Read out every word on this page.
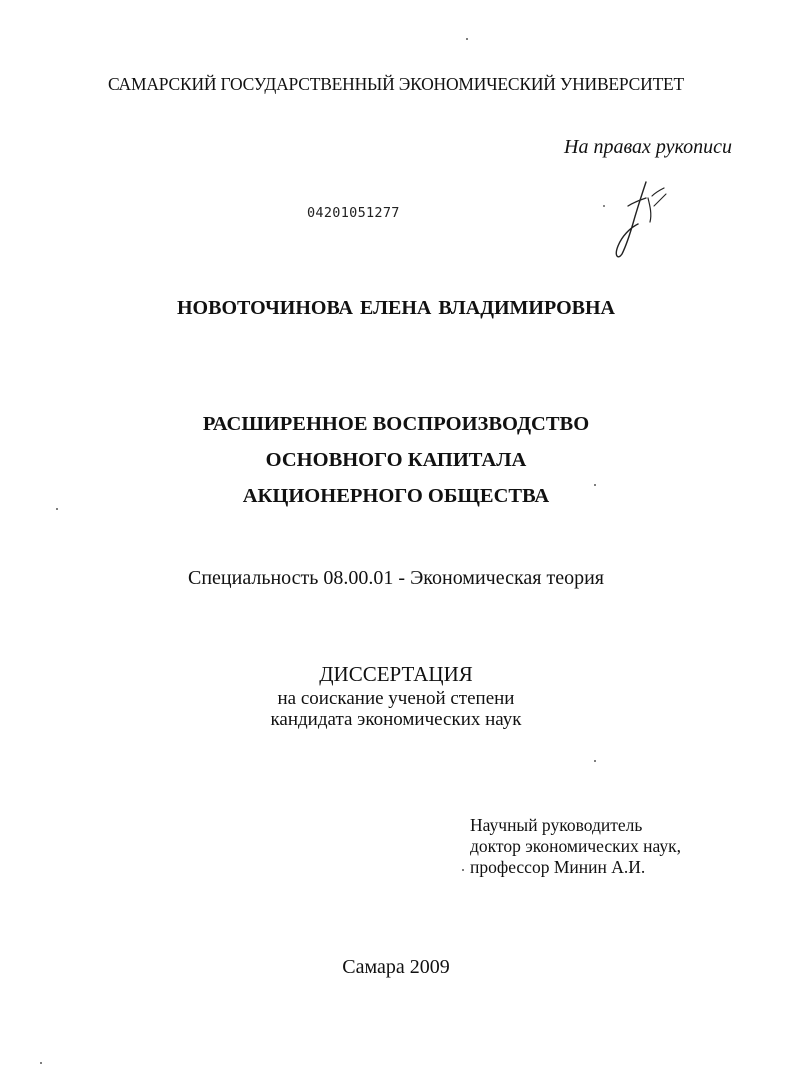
САМАРСКИЙ ГОСУДАРСТВЕННЫЙ ЭКОНОМИЧЕСКИЙ УНИВЕРСИТЕТ
На правах рукописи
04201051277
НОВОТОЧИНОВА ЕЛЕНА ВЛАДИМИРОВНА
РАСШИРЕННОЕ ВОСПРОИЗВОДСТВО
ОСНОВНОГО КАПИТАЛА
АКЦИОНЕРНОГО ОБЩЕСТВА
Специальность 08.00.01 - Экономическая теория
ДИССЕРТАЦИЯ
на соискание ученой степени
кандидата экономических наук
Научный руководитель
доктор экономических наук,
профессор Минин А.И.
Самара 2009
